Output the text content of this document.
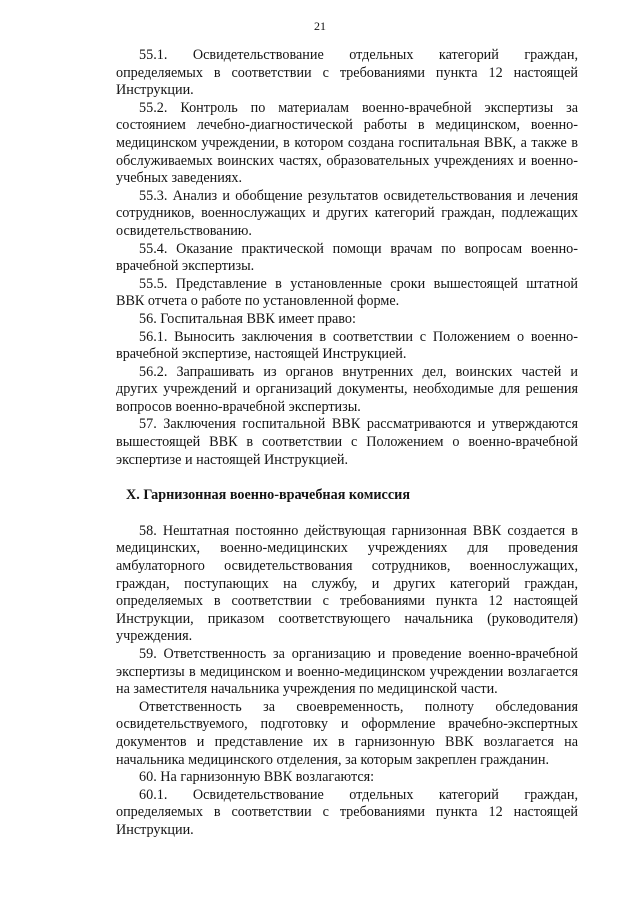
21

55.1. Освидетельствование отдельных категорий граждан, определяемых в соответствии с требованиями пункта 12 настоящей Инструкции.

55.2. Контроль по материалам военно-врачебной экспертизы за состоянием лечебно-диагностической работы в медицинском, военно-медицинском учреждении, в котором создана госпитальная ВВК, а также в обслуживаемых воинских частях, образовательных учреждениях и военно-учебных заведениях.

55.3. Анализ и обобщение результатов освидетельствования и лечения сотрудников, военнослужащих и других категорий граждан, подлежащих освидетельствованию.

55.4. Оказание практической помощи врачам по вопросам военно-врачебной экспертизы.

55.5. Представление в установленные сроки вышестоящей штатной ВВК отчета о работе по установленной форме.

56. Госпитальная ВВК имеет право:

56.1. Выносить заключения в соответствии с Положением о военно-врачебной экспертизе, настоящей Инструкцией.

56.2. Запрашивать из органов внутренних дел, воинских частей и других учреждений и организаций документы, необходимые для решения вопросов военно-врачебной экспертизы.

57. Заключения госпитальной ВВК рассматриваются и утверждаются вышестоящей ВВК в соответствии с Положением о военно-врачебной экспертизе и настоящей Инструкцией.

X. Гарнизонная военно-врачебная комиссия

58. Нештатная постоянно действующая гарнизонная ВВК создается в медицинских, военно-медицинских учреждениях для проведения амбулаторного освидетельствования сотрудников, военнослужащих, граждан, поступающих на службу, и других категорий граждан, определяемых в соответствии с требованиями пункта 12 настоящей Инструкции, приказом соответствующего начальника (руководителя) учреждения.

59. Ответственность за организацию и проведение военно-врачебной экспертизы в медицинском и военно-медицинском учреждении возлагается на заместителя начальника учреждения по медицинской части.

Ответственность за своевременность, полноту обследования освидетельствуемого, подготовку и оформление врачебно-экспертных документов и представление их в гарнизонную ВВК возлагается на начальника медицинского отделения, за которым закреплен гражданин.

60. На гарнизонную ВВК возлагаются:

60.1. Освидетельствование отдельных категорий граждан, определяемых в соответствии с требованиями пункта 12 настоящей Инструкции.
